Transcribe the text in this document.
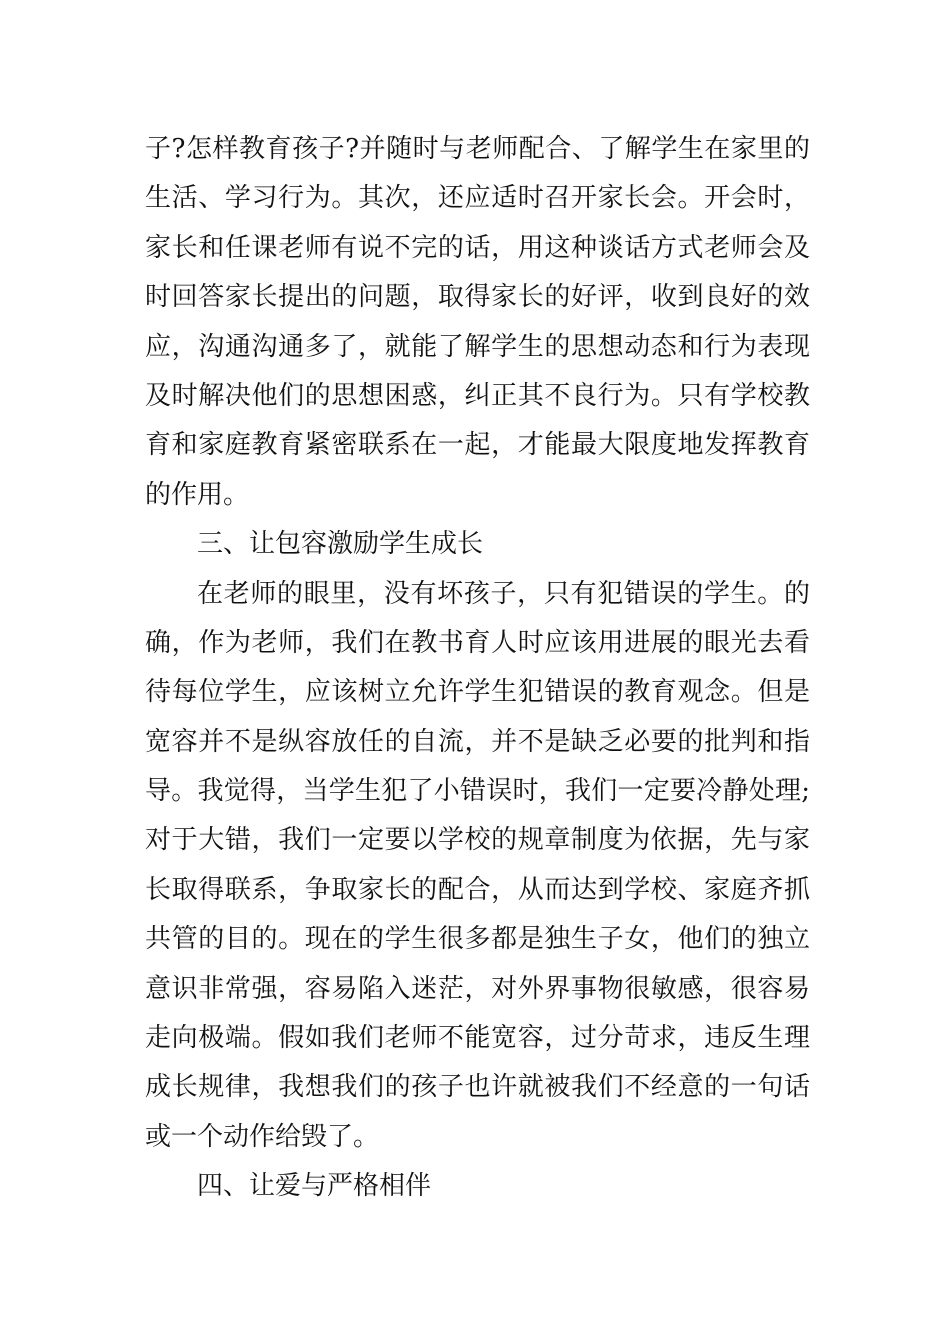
子?怎样教育孩子?并随时与老师配合、了解学生在家里的
生活、学习行为。其次，还应适时召开家长会。开会时，
家长和任课老师有说不完的话，用这种谈话方式老师会及
时回答家长提出的问题，取得家长的好评，收到良好的效
应，沟通沟通多了，就能了解学生的思想动态和行为表现
及时解决他们的思想困惑，纠正其不良行为。只有学校教
育和家庭教育紧密联系在一起，才能最大限度地发挥教育
的作用。
三、让包容激励学生成长
在老师的眼里，没有坏孩子，只有犯错误的学生。的
确，作为老师，我们在教书育人时应该用进展的眼光去看
待每位学生，应该树立允许学生犯错误的教育观念。但是
宽容并不是纵容放任的自流，并不是缺乏必要的批判和指
导。我觉得，当学生犯了小错误时，我们一定要冷静处理;
对于大错，我们一定要以学校的规章制度为依据，先与家
长取得联系，争取家长的配合，从而达到学校、家庭齐抓
共管的目的。现在的学生很多都是独生子女，他们的独立
意识非常强，容易陷入迷茫，对外界事物很敏感，很容易
走向极端。假如我们老师不能宽容，过分苛求，违反生理
成长规律，我想我们的孩子也许就被我们不经意的一句话
或一个动作给毁了。
四、让爱与严格相伴
